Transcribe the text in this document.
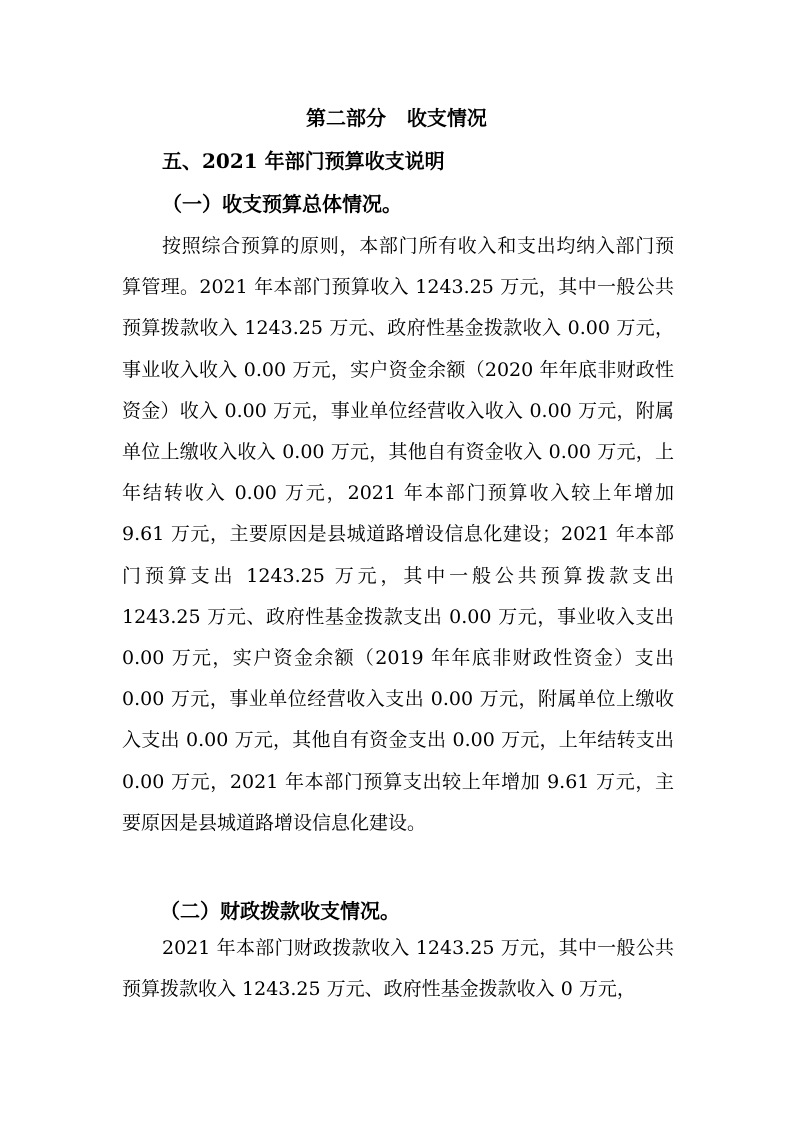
第二部分   收支情况
五、2021 年部门预算收支说明
（一）收支预算总体情况。

按照综合预算的原则，本部门所有收入和支出均纳入部门预算管理。2021 年本部门预算收入 1243.25 万元，其中一般公共预算拨款收入 1243.25 万元、政府性基金拨款收入 0.00 万元，事业收入收入 0.00 万元，实户资金余额（2020 年年底非财政性资金）收入 0.00 万元，事业单位经营收入收入 0.00 万元，附属单位上缴收入收入 0.00 万元，其他自有资金收入 0.00 万元，上年结转收入 0.00 万元，2021 年本部门预算收入较上年增加 9.61 万元，主要原因是县城道路增设信息化建设；2021 年本部门预算支出 1243.25 万元，其中一般公共预算拨款支出 1243.25 万元、政府性基金拨款支出 0.00 万元，事业收入支出 0.00 万元，实户资金余额（2019 年年底非财政性资金）支出 0.00 万元，事业单位经营收入支出 0.00 万元，附属单位上缴收入支出 0.00 万元，其他自有资金支出 0.00 万元，上年结转支出 0.00 万元，2021 年本部门预算支出较上年增加 9.61 万元，主要原因是县城道路增设信息化建设。

（二）财政拨款收支情况。

2021 年本部门财政拨款收入 1243.25 万元，其中一般公共预算拨款收入 1243.25 万元、政府性基金拨款收入 0 万元，
